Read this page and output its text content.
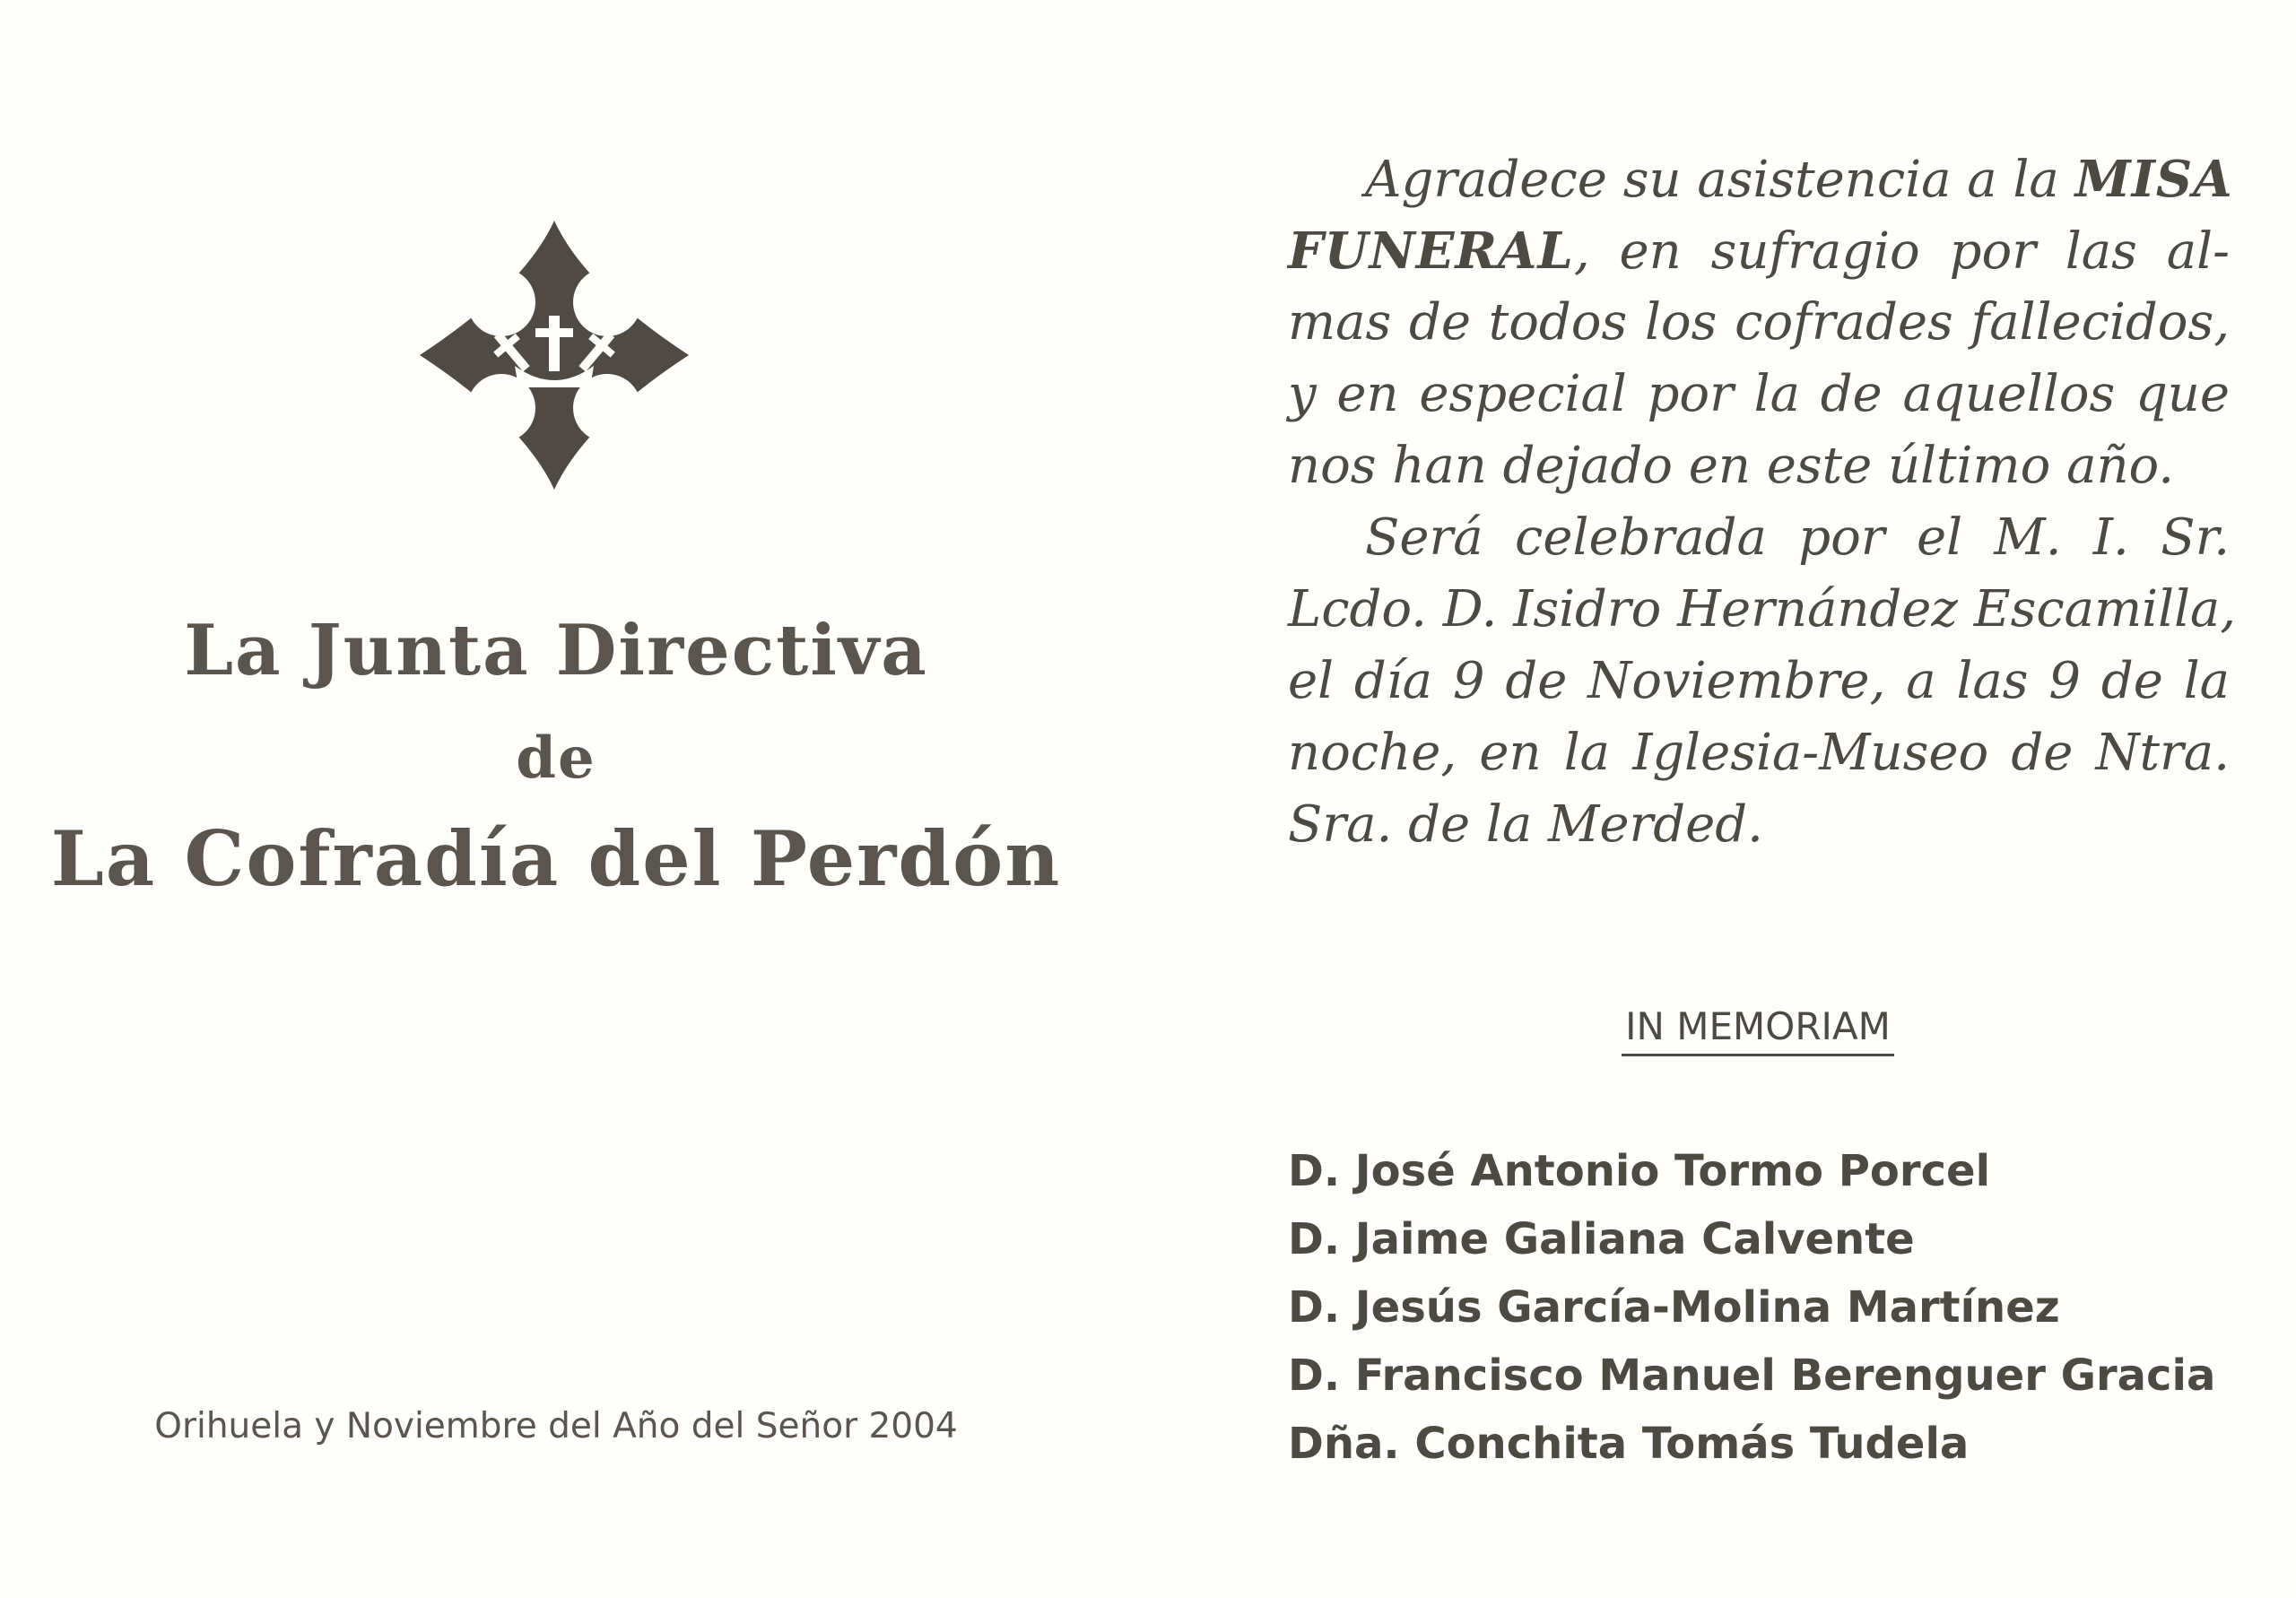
La Junta Directiva
de
La Cofradía del Perdón
Orihuela y Noviembre del Año del Señor 2004
Agradece su asistencia a la MISA
FUNERAL, en sufragio por las al-
mas de todos los cofrades fallecidos,
y en especial por la de aquellos que
nos han dejado en este último año.
Será celebrada por el M. I. Sr.
Lcdo. D. Isidro Hernández Escamilla,
el día 9 de Noviembre, a las 9 de la
noche, en la Iglesia-Museo de Ntra.
Sra. de la Merded.
IN MEMORIAM
D. José Antonio Tormo Porcel
D. Jaime Galiana Calvente
D. Jesús García-Molina Martínez
D. Francisco Manuel Berenguer Gracia
Dña. Conchita Tomás Tudela
